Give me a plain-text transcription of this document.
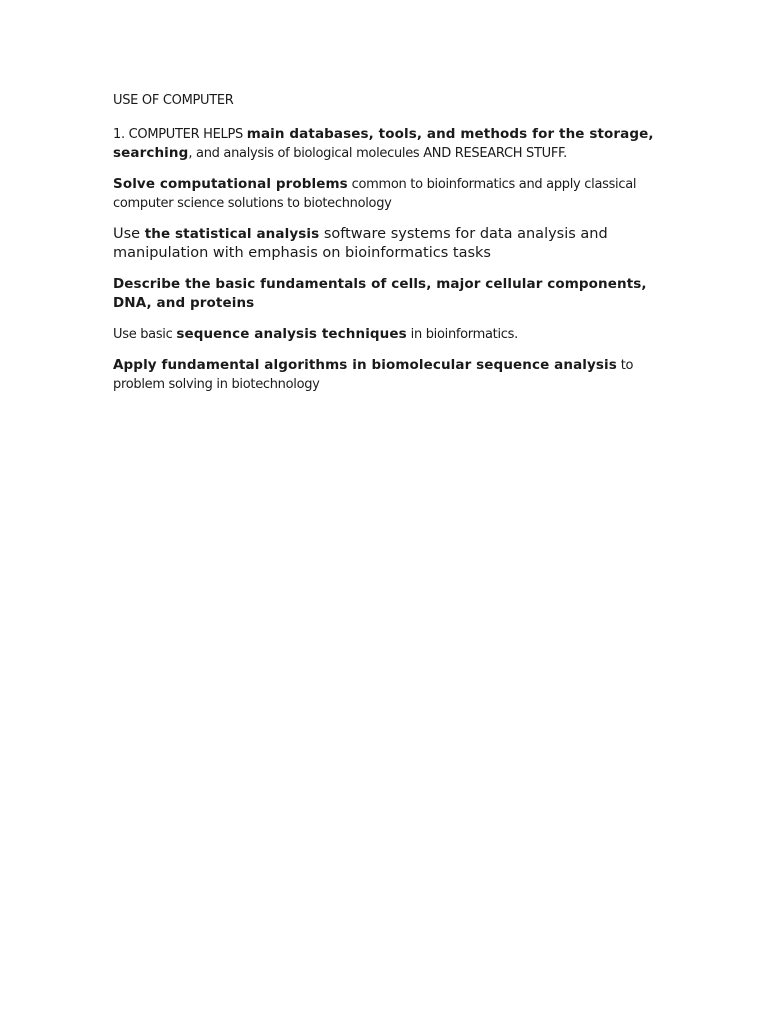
USE OF COMPUTER

1. COMPUTER HELPS main databases, tools, and methods for the storage, searching, and analysis of biological molecules AND RESEARCH STUFF.

Solve computational problems common to bioinformatics and apply classical computer science solutions to biotechnology

Use the statistical analysis software systems for data analysis and manipulation with emphasis on bioinformatics tasks

Describe the basic fundamentals of cells, major cellular components, DNA, and proteins

Use basic sequence analysis techniques in bioinformatics.

Apply fundamental algorithms in biomolecular sequence analysis to problem solving in biotechnology
